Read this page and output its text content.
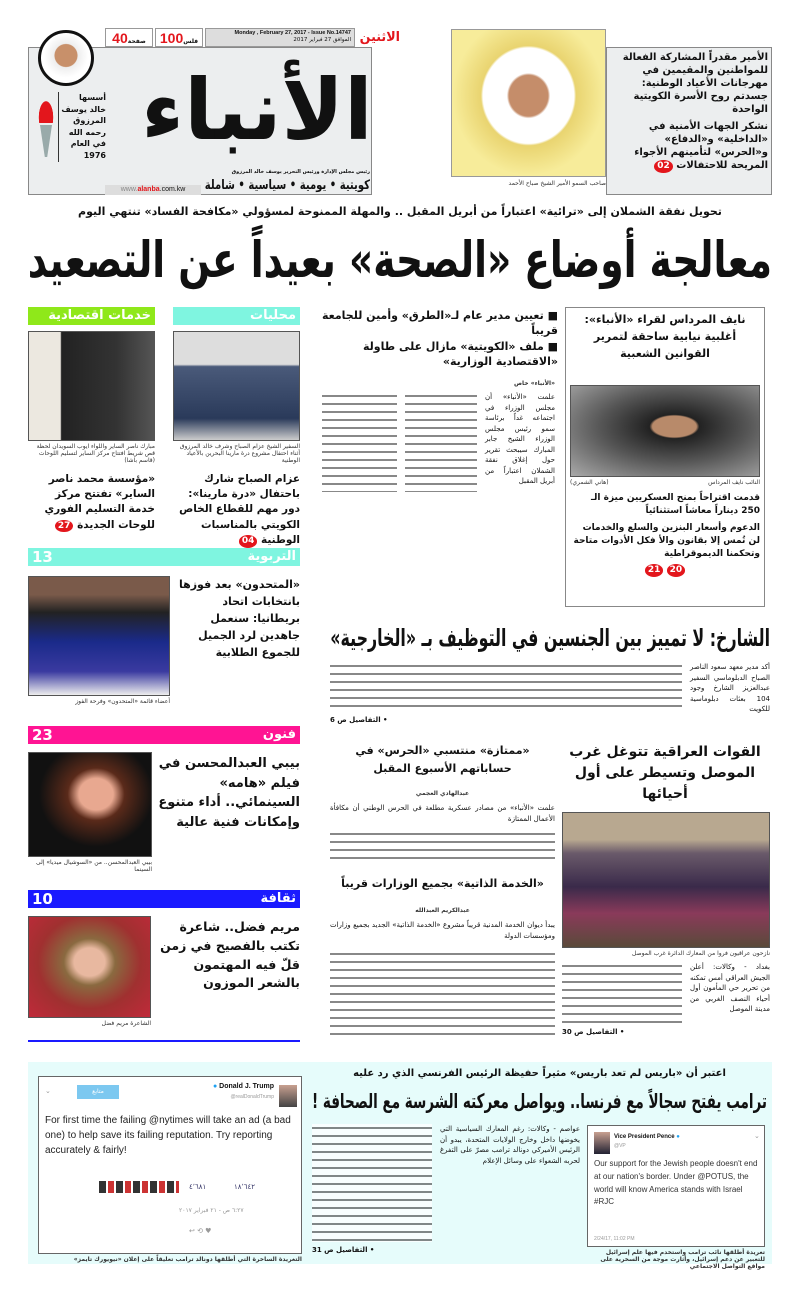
الاثنين
Monday , February 27, 2017 - Issue No.14747
الموافق 27 فبراير 2017
فلس100
صفحة40
أسسها
خالد يوسف
المرزوق
رحمه الله
في العام
1976 الأنباء
رئيس مجلس الإدارة ورئيس التحرير يوسف خالد المرزوق
كويتية • يومية • سياسية • شاملة
www.alanba.com.kw
صاحب السمو الأمير الشيخ صباح الأحمد
الأمير مقدراً المشاركة الفعالة للمواطنين والمقيمين في مهرجانات الأعياد الوطنية: جسدتم روح الأسرة الكويتية الواحدة
نشكر الجهات الأمنية في «الداخلية» و«الدفاع» و«الحرس» لتأمينهم الأجواء المريحة للاحتفالات 02
تحويل نفقة الشملان إلى «ترائية» اعتباراً من أبريل المقبل .. والمهلة الممنوحة لمسؤولي «مكافحة الفساد» تنتهي اليوم
معالجة أوضاع «الصحة» بعيداً عن التصعيد
خدمات اقتصادية
مبارك ناصر الساير واللواء ايوب السويدان لحظة قص شريط افتتاح مركز الساير لتسليم اللوحات (قاسم باشا)
«مؤسسة محمد ناصر الساير» تفتتح مركز خدمة التسليم الفوري للوحات الجديدة 27
محليات
السفير الشيخ عزام الصباح وشرف خالد المرزوق أثناء احتفال مشروع درة مارينا البحرين بالأعياد الوطنية
عزام الصباح شارك باحتفال «درة مارينا»: دور مهم للقطاع الخاص الكويتي بالمناسبات الوطنية 04
■ تعيين مدير عام لـ«الطرق» وأمين للجامعة قريباً
■ ملف «الكويتية» مازال على طاولة «الاقتصادية الوزارية»
«الأنباء» خاص
علمت «الأنباء» أن مجلس الوزراء في اجتماعه غداً برئاسة سمو رئيس مجلس الوزراء الشيخ جابر المبارك سيبحث تقرير حول إغلاق نفقة الشملان اعتباراً من أبريل المقبل
نايف المرداس لقراء «الأنباء»: أغلبية نيابية ساحقة لتمرير القوانين الشعبية
النائب نايف المرداس
(هاني الشمري)
قدمت اقتراحاً بمنح العسكريين ميزة الـ 250 ديناراً معاشاً استثنائياً
الدعوم وأسعار البنزين والسلع والخدمات لن تُمس إلا بقانون والأ فكل الأدوات متاحة وتحكمنا الديموقراطية
20 21
13	التربوية
أعضاء قائمة «المتحدون» وفرحة الفوز
«المتحدون» بعد فوزها بانتخابات اتحاد بريطانيا: سنعمل جاهدين لرد الجميل للجموع الطلابية
الشارخ: لا تمييز بين الجنسين في التوظيف بـ «الخارجية»
أكد مدير معهد سعود الناصر الصباح الدبلوماسي السفير عبدالعزيز الشارخ وجود 104 بعثات دبلوماسية للكويت
• التفاصيل ص 6
23	فنون
بيبي العبدالمحسن.. من «السوشيال ميديا» إلى السينما
بيبي العبدالمحسن في فيلم «هامه» السينمائي.. أداء متنوع وإمكانات فنية عالية
«ممتازة» منتسبي «الحرس» في حساباتهم الأسبوع المقبل
عبدالهادي العجمي
علمت «الأنباء» من مصادر عسكرية مطلعة في الحرس الوطني أن مكافأة الأعمال الممتازة
«الخدمة الذاتية» بجميع الوزارات قريباً
عبدالكريم العبدالله
يبدأ ديوان الخدمة المدنية قريباً مشروع «الخدمة الذاتية» الجديد بجميع وزارات ومؤسسات الدولة
القوات العراقية تتوغل غرب الموصل وتسيطر على أول أحيائها
نازحون عراقيون فروا من المعارك الدائرة غرب الموصل
بغداد - وكالات: أعلن الجيش العراقي أمس تمكنه من تحرير حي المأمون أول أحياء النصف الغربي من مدينة الموصل
• التفاصيل ص 30
10	ثقافة
الشاعرة مريم فضل
مريم فضل.. شاعرة تكتب بالفصيح في زمن قلّ فيه المهتمون بالشعر الموزون
اعتبر أن «باريس لم تعد باريس» مثيراً حفيظة الرئيس الفرنسي الذي رد عليه
ترامب يفتح سجالاً مع فرنسا.. ويواصل معركته الشرسة مع الصحافة !
عواصم - وكالات: رغم المعارك السياسية التي يخوضها داخل وخارج الولايات المتحدة، يبدو أن الرئيس الأميركي دونالد ترامب مصرّ على التفرغ لحربه الشعواء على وسائل الإعلام
• التفاصيل ص 31
● Donald J. Trump
@realDonaldTrump
متابع
⌄
For first time the failing @nytimes will take an ad (a bad one) to help save its failing reputation. Try reporting accurately & fairly!
٤٬٦٨١	١٨٬٦٤٢
٦:٢٧ ص - ٢١ فبراير ٢٠١٧
↩ ⟲ ♥
التغريدة الساخرة التي أطلقها دونالد ترامب تعليقاً على إعلان «نيويورك تايمز»
Vice President Pence ●
@VP
⌄
Our support for the Jewish people doesn't end at our nation's border. Under @POTUS, the world will know America stands with Israel #RJC
2/24/17, 11:02 PM
تغريدة أطلقها نائب ترامب واستخدم فيها علم إسرائيل للتعبير عن دعم إسرائيل، وأثارت موجة من السخرية على مواقع التواصل الاجتماعي
